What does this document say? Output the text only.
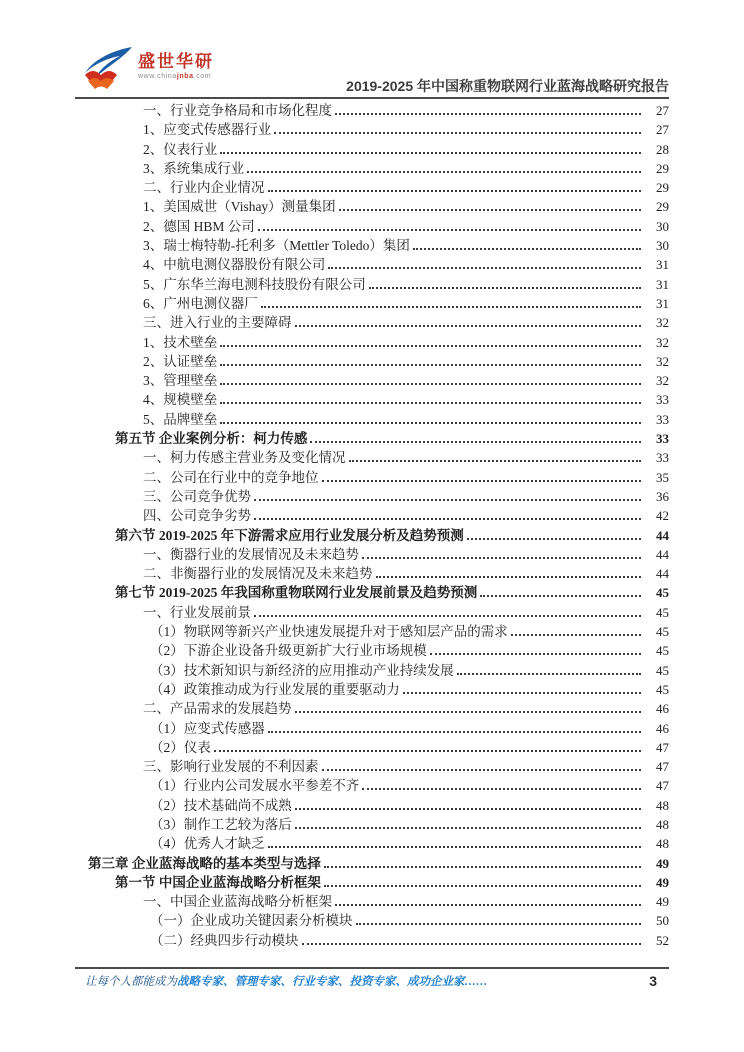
盛世华研
www.chinajnba.com
2019-2025 年中国称重物联网行业蓝海战略研究报告
一、行业竞争格局和市场化程度	27
1、应变式传感器行业	27
2、仪表行业	28
3、系统集成行业	29
二、行业内企业情况	29
1、美国威世（Vishay）测量集团	29
2、德国 HBM 公司	30
3、瑞士梅特勒-托利多（Mettler Toledo）集团	30
4、中航电测仪器股份有限公司	31
5、广东华兰海电测科技股份有限公司	31
6、广州电测仪器厂	31
三、进入行业的主要障碍	32
1、技术壁垒	32
2、认证壁垒	32
3、管理壁垒	32
4、规模壁垒	33
5、品牌壁垒	33
第五节 企业案例分析：柯力传感	33
一、柯力传感主营业务及变化情况	33
二、公司在行业中的竞争地位	35
三、公司竞争优势	36
四、公司竞争劣势	42
第六节 2019-2025 年下游需求应用行业发展分析及趋势预测	44
一、衡器行业的发展情况及未来趋势	44
二、非衡器行业的发展情况及未来趋势	44
第七节 2019-2025 年我国称重物联网行业发展前景及趋势预测	45
一、行业发展前景	45
（1）物联网等新兴产业快速发展提升对于感知层产品的需求	45
（2）下游企业设备升级更新扩大行业市场规模	45
（3）技术新知识与新经济的应用推动产业持续发展	45
（4）政策推动成为行业发展的重要驱动力	45
二、产品需求的发展趋势	46
（1）应变式传感器	46
（2）仪表	47
三、影响行业发展的不利因素	47
（1）行业内公司发展水平参差不齐	47
（2）技术基础尚不成熟	48
（3）制作工艺较为落后	48
（4）优秀人才缺乏	48
第三章 企业蓝海战略的基本类型与选择	49
第一节 中国企业蓝海战略分析框架	49
一、中国企业蓝海战略分析框架	49
（一）企业成功关键因素分析模块	50
（二）经典四步行动模块	52
让每个人都能成为战略专家、管理专家、行业专家、投资专家、成功企业家……	3
